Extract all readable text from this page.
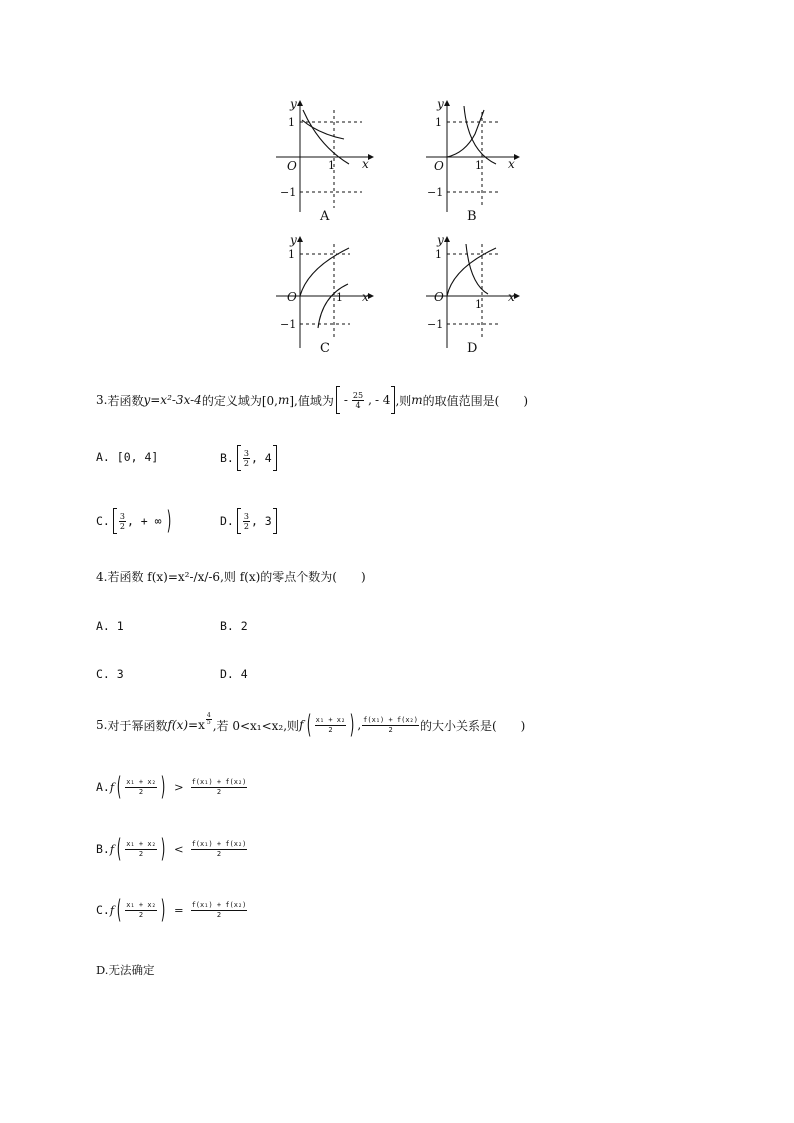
y
x
O
1
1
−1
A
y
x
O
1
1
−1
B
y
x
O
1
1
−1
C
y
x
O
1
1
−1
D
3. 若函数 y=x²-3x-4 的定义域为[0, m ],值域为 - $\frac{25}{4}$ , - 4 ,则 m 的取值范围是(　　)
A. [0, 4]	B. $\frac{3}{2}$ , 4
C. $\frac{3}{2}$ , + ∞ )	D. $\frac{3}{2}$ , 3
4.若函数 f(x)=x²-/x/-6,则 f(x)的零点个数为(　　)
A. 1	B. 2
C. 3	D. 4
5. 对于幂函数 $f(x) =x \frac{4}{5}$ ,若 0<x₁<x₂,则 f ( $\frac{\text{x₁ + x₂}}{2}$ ) , $\frac{\text{f(x₁) + f(x₂)}}{2}$ 的大小关系是(　　)
A. f ( $\frac{\text{x₁ + x₂}}{2}$ ) > $\frac{\text{f(x₁) + f(x₂)}}{2}$
B. f ( $\frac{\text{x₁ + x₂}}{2}$ ) < $\frac{\text{f(x₁) + f(x₂)}}{2}$
C. f ( $\frac{\text{x₁ + x₂}}{2}$ ) = $\frac{\text{f(x₁) + f(x₂)}}{2}$
D.无法确定
